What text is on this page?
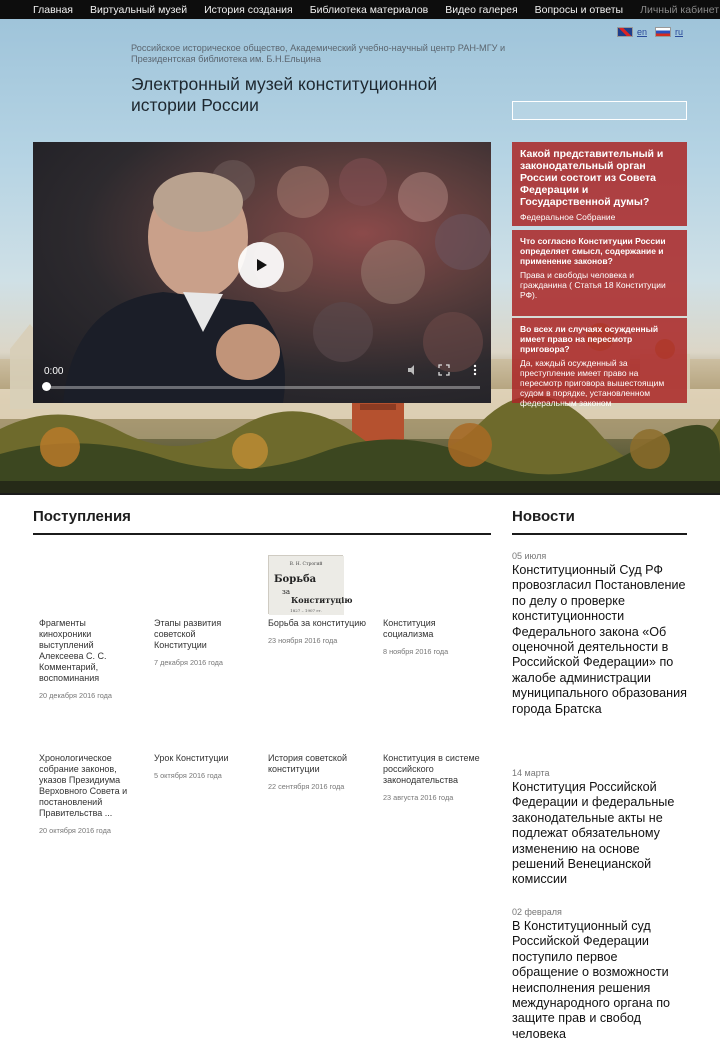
Главная Виртуальный музей История создания Библиотека материалов Видео галерея Вопросы и ответы Личный кабинет
en	ru
Российское историческое общество, Академический учебно-научный центр РАН-МГУ и Президентская библиотека им. Б.Н.Ельцина
Электронный музей конституционной истории России
0:00
Какой представительный и законодательный орган России состоит из Совета Федерации и Государственной думы?
Федеральное Собрание
Что согласно Конституции России определяет смысл, содержание и применение законов?
Права и свободы человека и гражданина ( Статья 18 Конституции РФ).
Во всех ли случаях осужденный имеет право на пересмотр приговора?
Да, каждый осужденный за преступление имеет право на пересмотр приговора вышестоящим судом в порядке, установленном федеральным законом
Поступления
В. Н. Строгий
Борьба
за
Конституцію
1827 – 1907 гг.
Фрагменты кинохроники выступлений Алексеева С. С. Комментарий, воспоминания
20 декабря 2016 года
Этапы развития советской Конституции
7 декабря 2016 года
Борьба за конституцию
23 ноября 2016 года
Конституция социализма
8 ноября 2016 года
Хронологическое собрание законов, указов Президиума Верховного Совета и постановлений Правительства ...
20 октября 2016 года
Урок Конституции
5 октября 2016 года
История советской конституции
22 сентября 2016 года
Конституция в системе российского законодательства
23 августа 2016 года
Новости
05 июля
Конституционный Суд РФ провозгласил Постановление по делу о проверке конституционности Федерального закона «Об оценочной деятельности в Российской Федерации» по жалобе администрации муниципального образования города Братска
14 марта
Конституция Российской Федерации и федеральные законодательные акты не подлежат обязательному изменению на основе решений Венецианской комиссии
02 февраля
В Конституционный суд Российской Федерации поступило первое обращение о возможности неисполнения решения международного органа по защите прав и свобод человека
